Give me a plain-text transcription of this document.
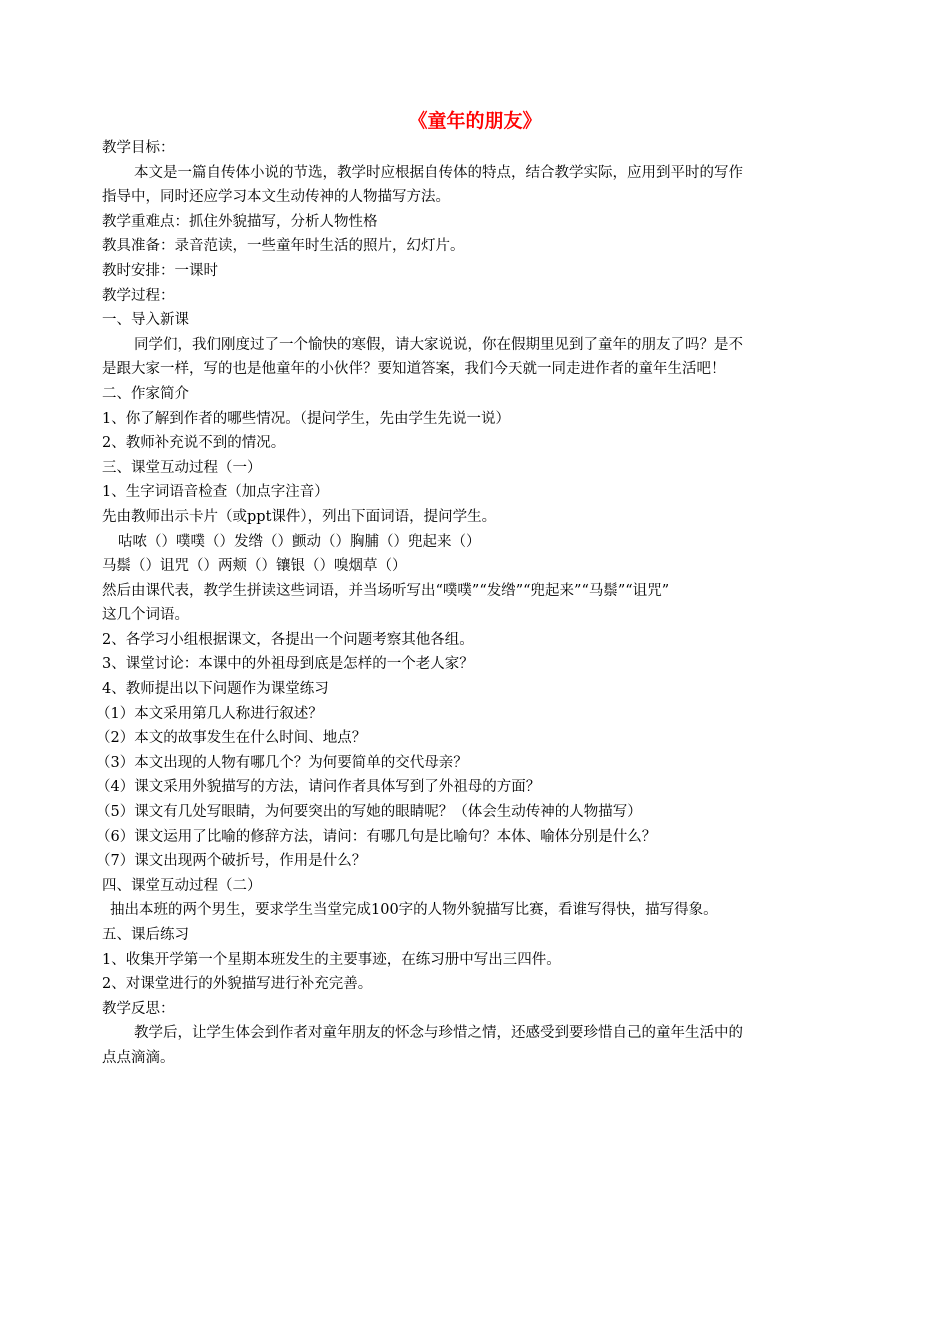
《童年的朋友》
教学目标：
本文是一篇自传体小说的节选，教学时应根据自传体的特点，结合教学实际，应用到平时的写作
指导中，同时还应学习本文生动传神的人物描写方法。
教学重难点：抓住外貌描写，分析人物性格
教具准备：录音范读，一些童年时生活的照片，幻灯片。
教时安排：一课时
教学过程：
一、导入新课
同学们，我们刚度过了一个愉快的寒假，请大家说说，你在假期里见到了童年的朋友了吗？是不
是跟大家一样，写的也是他童年的小伙伴？要知道答案，我们今天就一同走进作者的童年生活吧！
二、作家简介
1、你了解到作者的哪些情况。（提问学生，先由学生先说一说）
2、教师补充说不到的情况。
三、课堂互动过程（一）
1、生字词语音检查（加点字注音）
先由教师出示卡片（或ppt课件），列出下面词语，提问学生。
咕哝（）噗噗（）发绺（）颤动（）胸脯（）兜起来（）
马鬃（）诅咒（）两颊（）镶银（）嗅烟草（）
然后由课代表，教学生拼读这些词语，并当场听写出“噗噗”“发绺”“兜起来”“马鬃”“诅咒”
这几个词语。
2、各学习小组根据课文，各提出一个问题考察其他各组。
3、课堂讨论：本课中的外祖母到底是怎样的一个老人家？
4、教师提出以下问题作为课堂练习
（1）本文采用第几人称进行叙述？
（2）本文的故事发生在什么时间、地点？
（3）本文出现的人物有哪几个？为何要简单的交代母亲？
（4）课文采用外貌描写的方法，请问作者具体写到了外祖母的方面？
（5）课文有几处写眼睛，为何要突出的写她的眼睛呢？（体会生动传神的人物描写）
（6）课文运用了比喻的修辞方法，请问：有哪几句是比喻句？本体、喻体分别是什么？
（7）课文出现两个破折号，作用是什么？
四、课堂互动过程（二）
抽出本班的两个男生，要求学生当堂完成100字的人物外貌描写比赛，看谁写得快，描写得象。
五、课后练习
1、收集开学第一个星期本班发生的主要事迹，在练习册中写出三四件。
2、对课堂进行的外貌描写进行补充完善。
教学反思：
教学后，让学生体会到作者对童年朋友的怀念与珍惜之情，还感受到要珍惜自己的童年生活中的
点点滴滴。
